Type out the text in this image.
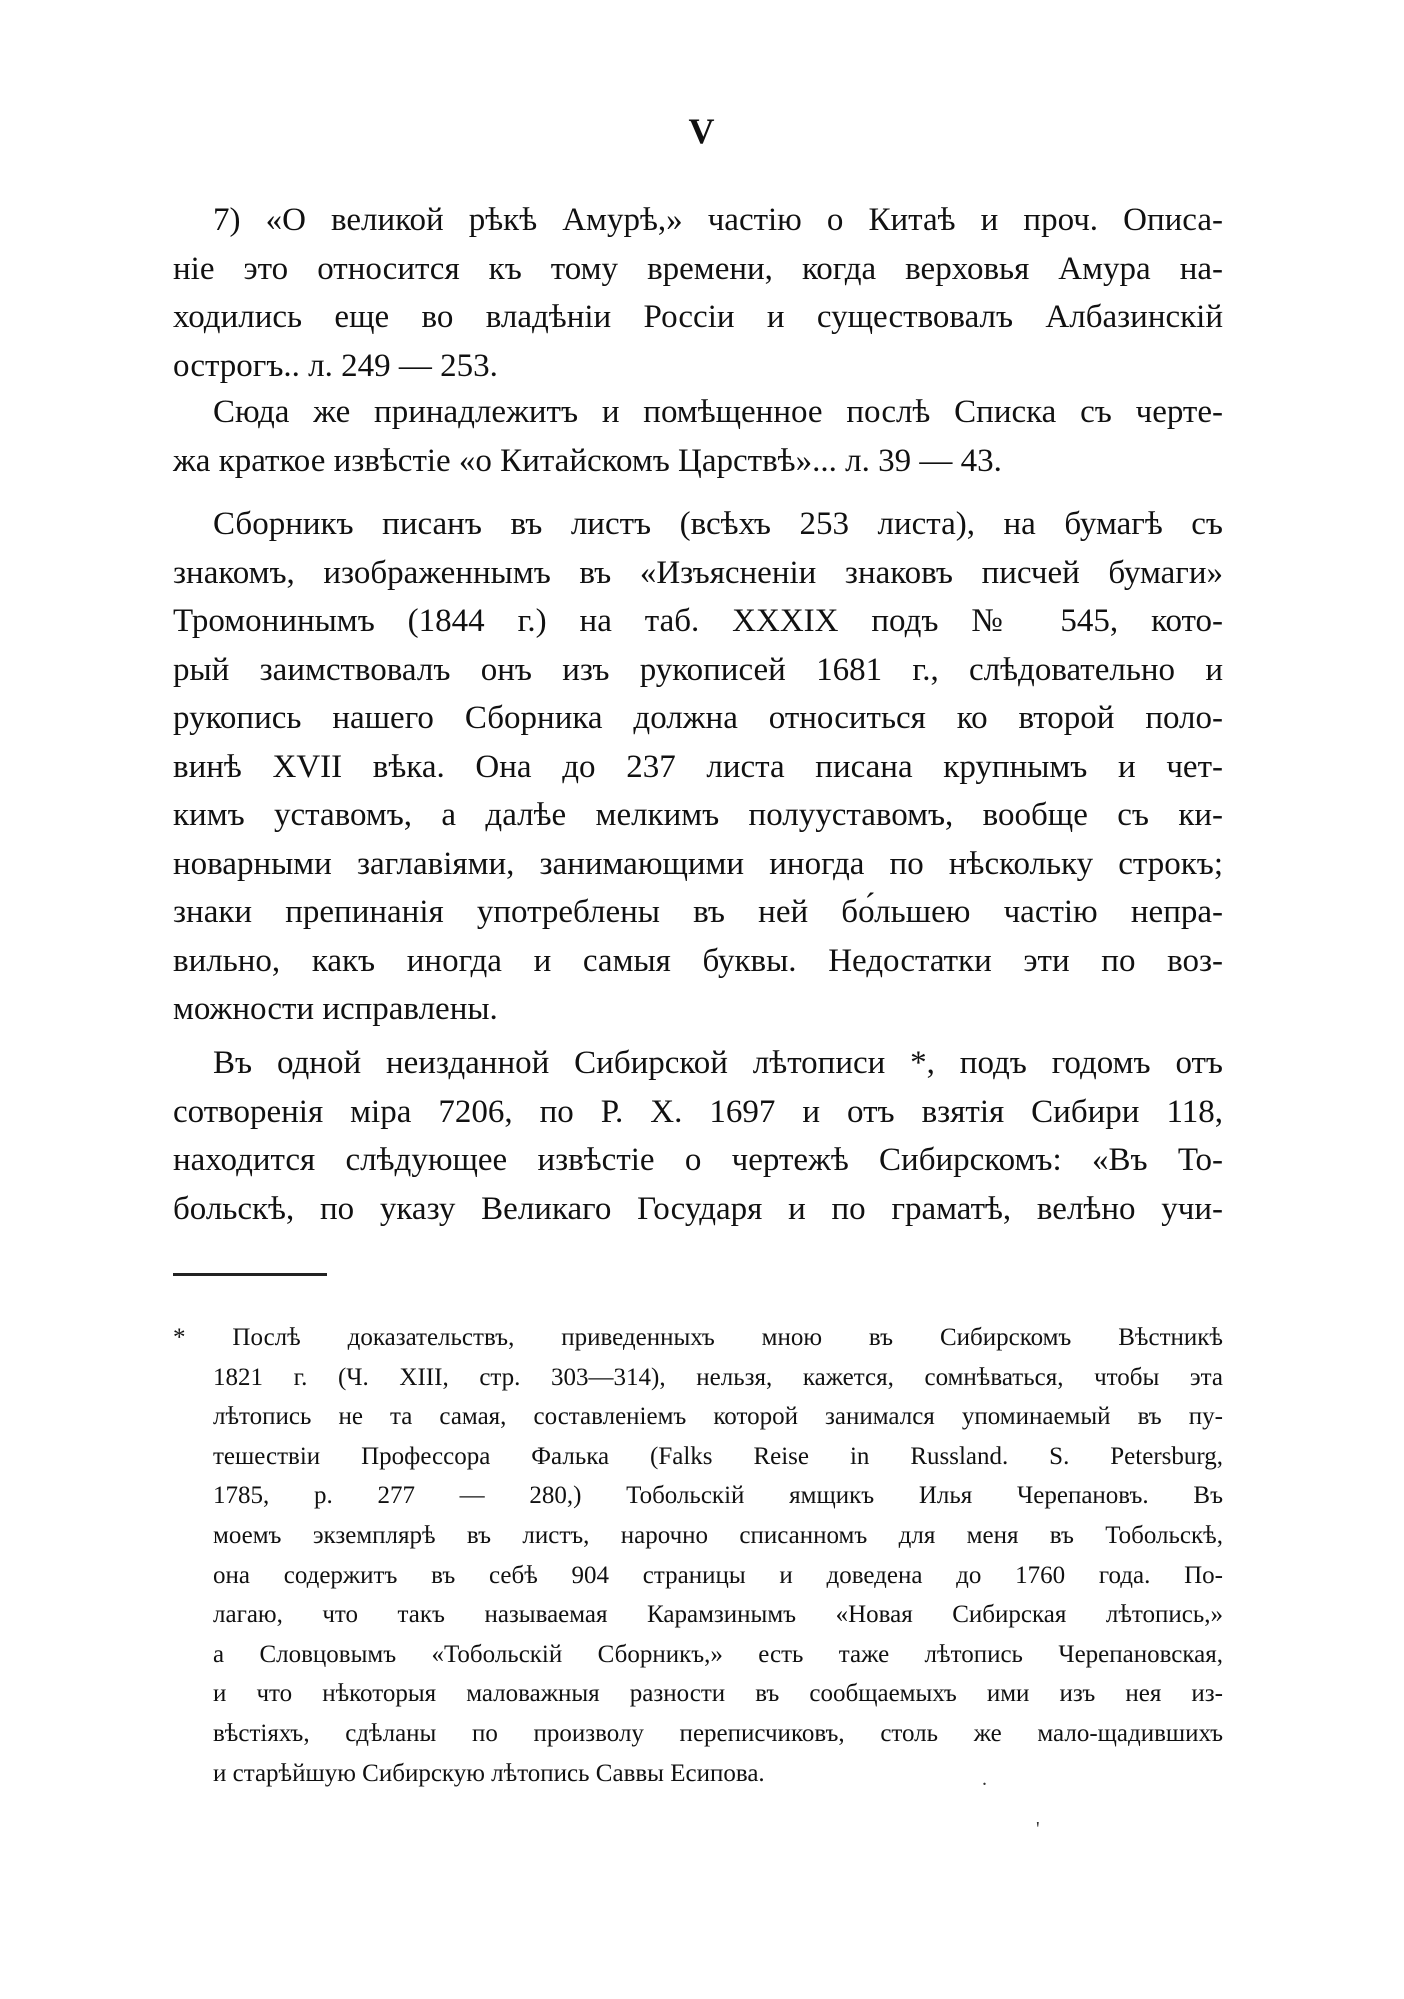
V
7) «О великой рѣкѣ Амурѣ,» частію о Китаѣ и проч. Описа-
ніе это относится къ тому времени, когда верховья Амура на-
ходились еще во владѣніи Россіи и существовалъ Албазинскій
острогъ.. л. 249 — 253.
Сюда же принадлежитъ и помѣщенное послѣ Списка съ черте-
жа краткое извѣстіе «о Китайскомъ Царствѣ»... л. 39 — 43.
Сборникъ писанъ въ листъ (всѣхъ 253 листа), на бумагѣ съ
знакомъ, изображеннымъ въ «Изъясненіи знаковъ писчей бумаги»
Тромонинымъ (1844 г.) на таб. XXXIX подъ № 545, кото-
рый заимствовалъ онъ изъ рукописей 1681 г., слѣдовательно и
рукопись нашего Сборника должна относиться ко второй поло-
винѣ XVII вѣка. Она до 237 листа писана крупнымъ и чет-
кимъ уставомъ, а далѣе мелкимъ полууставомъ, вообще съ ки-
новарными заглавіями, занимающими иногда по нѣскольку строкъ;
знаки препинанія употреблены въ ней бо́льшею частію непра-
вильно, какъ иногда и самыя буквы. Недостатки эти по воз-
можности исправлены.
Въ одной неизданной Сибирской лѣтописи *, подъ годомъ отъ
сотворенія міра 7206, по Р. Х. 1697 и отъ взятія Сибири 118,
находится слѣдующее извѣстіе о чертежѣ Сибирскомъ: «Въ То-
больскѣ, по указу Великаго Государя и по граматѣ, велѣно учи-
* Послѣ доказательствъ, приведенныхъ мною въ Сибирскомъ Вѣстникѣ
1821 г. (Ч. XIII, стр. 303—314), нельзя, кажется, сомнѣваться, чтобы эта
лѣтопись не та самая, составленіемъ которой занимался упоминаемый въ пу-
тешествіи Профессора Фалька (Falks Reise in Russland. S. Petersburg,
1785, p. 277 — 280,) Тобольскій ямщикъ Илья Черепановъ. Въ
моемъ экземплярѣ въ листъ, нарочно списанномъ для меня въ Тобольскѣ,
она содержитъ въ себѣ 904 страницы и доведена до 1760 года. По-
лагаю, что такъ называемая Карамзинымъ «Новая Сибирская лѣтопись,»
а Словцовымъ «Тобольскій Сборникъ,» есть таже лѣтопись Черепановская,
и что нѣкоторыя маловажныя разности въ сообщаемыхъ ими изъ нея из-
вѣстіяхъ, сдѣланы по произволу переписчиковъ, столь же мало-щадившихъ
и старѣйшую Сибирскую лѣтопись Саввы Есипова.	.
'
